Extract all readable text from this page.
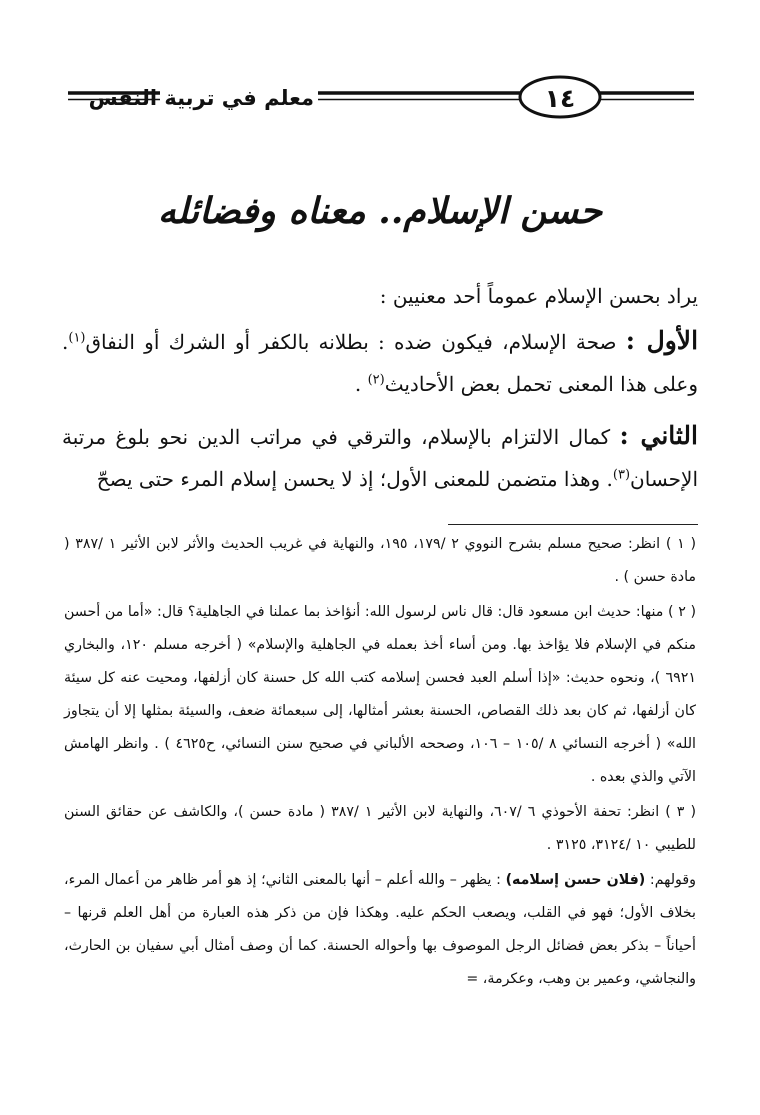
معلم في تربية النفس	١٤
حسن الإسلام.. معناه وفضائله

يراد بحسن الإسلام عموماً أحد معنيين :

الأول : صحة الإسلام، فيكون ضده : بطلانه بالكفر أو الشرك أو النفاق$^{(١)}$. وعلى هذا المعنى تحمل بعض الأحاديث$^{(٢)}$ .

الثاني : كمال الالتزام بالإسلام، والترقي في مراتب الدين نحو بلوغ مرتبة الإحسان$^{(٣)}$. وهذا متضمن للمعنى الأول؛ إذ لا يحسن إسلام المرء حتى يصحّ

( ١ ) انظر: صحيح مسلم بشرح النووي ٢ /١٧٩، ١٩٥، والنهاية في غريب الحديث والأثر لابن الأثير ١ /٣٨٧ ( مادة حسن ) .

( ٢ ) منها: حديث ابن مسعود قال: قال ناس لرسول الله: أنؤاخذ بما عملنا في الجاهلية؟ قال: «أما من أحسن منكم في الإسلام فلا يؤاخذ بها. ومن أساء أخذ بعمله في الجاهلية والإسلام» ( أخرجه مسلم ١٢٠، والبخاري ٦٩٢١ )، ونحوه حديث: «إذا أسلم العبد فحسن إسلامه كتب الله كل حسنة كان أزلفها، ومحيت عنه كل سيئة كان أزلفها، ثم كان بعد ذلك القصاص، الحسنة بعشر أمثالها، إلى سبعمائة ضعف، والسيئة بمثلها إلا أن يتجاوز الله» ( أخرجه النسائي ٨ /١٠٥ – ١٠٦، وصححه الألباني في صحيح سنن النسائي، ح٤٦٢٥ ) . وانظر الهامش الآتي والذي بعده .

( ٣ ) انظر: تحفة الأحوذي ٦ /٦٠٧، والنهاية لابن الأثير ١ /٣٨٧ ( مادة حسن )، والكاشف عن حقائق السنن للطيبي ١٠ /٣١٢٤، ٣١٢٥ .

وقولهم: (فلان حسن إسلامه) : يظهر – والله أعلم – أنها بالمعنى الثاني؛ إذ هو أمر ظاهر من أعمال المرء، بخلاف الأول؛ فهو في القلب، ويصعب الحكم عليه. وهكذا فإن من ذكر هذه العبارة من أهل العلم قرنها – أحياناً – بذكر بعض فضائل الرجل الموصوف بها وأحواله الحسنة. كما أن وصف أمثال أبي سفيان بن الحارث، والنجاشي، وعمير بن وهب، وعكرمة، =
